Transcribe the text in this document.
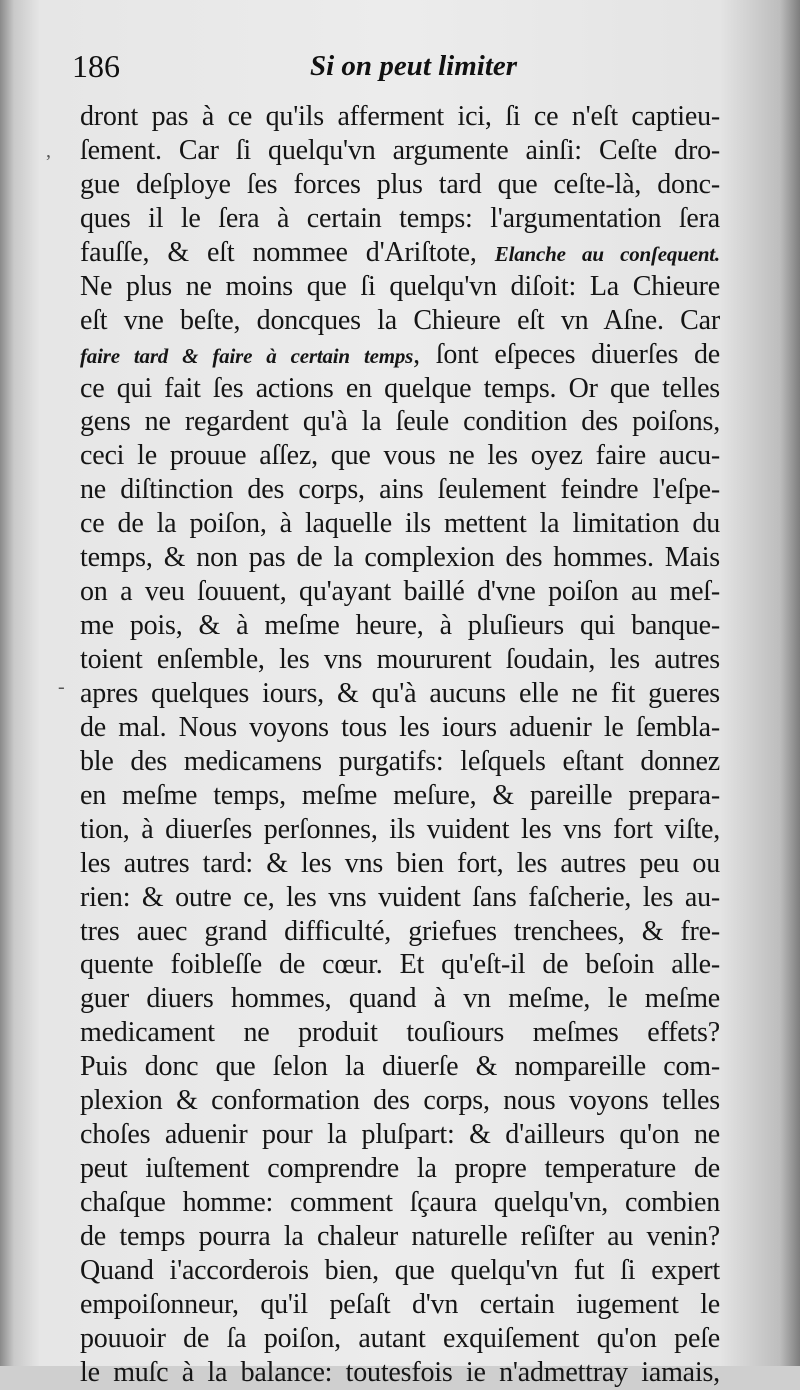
186	Si on peut limiter
dront pas à ce qu'ils afferment ici, ſi ce n'eſt captieu-
ſement. Car ſi quelqu'vn argumente ainſi: Ceſte dro-
gue deſploye ſes forces plus tard que ceſte-là, donc-
ques il le ſera à certain temps: l'argumentation ſera
fauſſe, & eſt nommee d'Ariſtote, Elanche au conſequent.
Ne plus ne moins que ſi quelqu'vn diſoit: La Chieure
eſt vne beſte, doncques la Chieure eſt vn Aſne. Car
faire tard & faire à certain temps, ſont eſpeces diuerſes de
ce qui fait ſes actions en quelque temps. Or que telles
gens ne regardent qu'à la ſeule condition des poiſons,
ceci le prouue aſſez, que vous ne les oyez faire aucu-
ne diſtinction des corps, ains ſeulement feindre l'eſpe-
ce de la poiſon, à laquelle ils mettent la limitation du
temps, & non pas de la complexion des hommes. Mais
on a veu ſouuent, qu'ayant baillé d'vne poiſon au meſ-
me pois, & à meſme heure, à pluſieurs qui banque-
toient enſemble, les vns moururent ſoudain, les autres
apres quelques iours, & qu'à aucuns elle ne fit gueres
de mal. Nous voyons tous les iours aduenir le ſembla-
ble des medicamens purgatifs: leſquels eſtant donnez
en meſme temps, meſme meſure, & pareille prepara-
tion, à diuerſes perſonnes, ils vuident les vns fort viſte,
les autres tard: & les vns bien fort, les autres peu ou
rien: & outre ce, les vns vuident ſans faſcherie, les au-
tres auec grand difficulté, griefues trenchees, & fre-
quente foibleſſe de cœur. Et qu'eſt-il de beſoin alle-
guer diuers hommes, quand à vn meſme, le meſme
medicament ne produit touſiours meſmes effets?
Puis donc que ſelon la diuerſe & nompareille com-
plexion & conformation des corps, nous voyons telles
choſes aduenir pour la pluſpart: & d'ailleurs qu'on ne
peut iuſtement comprendre la propre temperature de
chaſque homme: comment ſçaura quelqu'vn, combien
de temps pourra la chaleur naturelle reſiſter au venin?
Quand i'accorderois bien, que quelqu'vn fut ſi expert
empoiſonneur, qu'il peſaſt d'vn certain iugement le
pouuoir de ſa poiſon, autant exquiſement qu'on peſe
le muſc à la balance: toutesfois ie n'admettray iamais,
,
-
